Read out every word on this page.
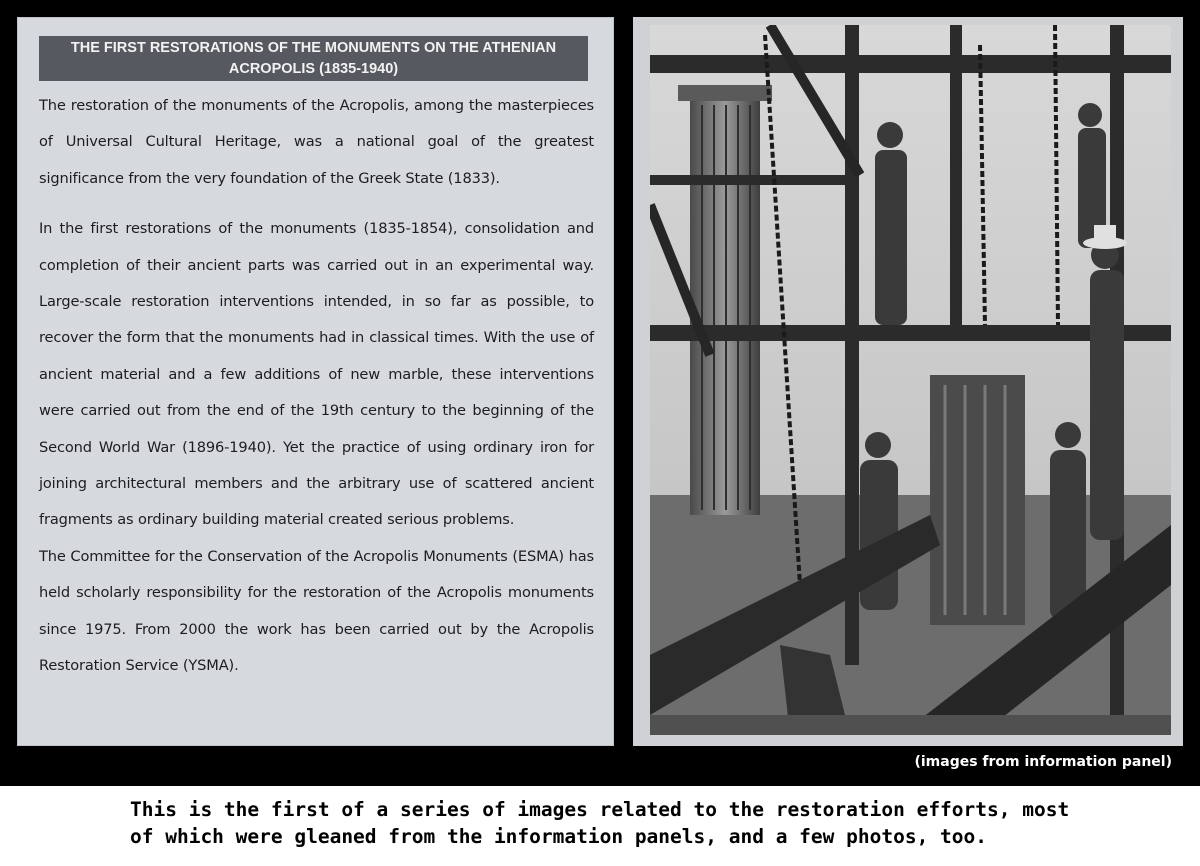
THE FIRST RESTORATIONS OF THE MONUMENTS ON THE ATHENIAN
ACROPOLIS (1835-1940)

The restoration of the monuments of the Acropolis, among the masterpieces of Universal Cultural Heritage, was a national goal of the greatest significance from the very foundation of the Greek State (1833).

In the first restorations of the monuments (1835-1854), consolidation and completion of their ancient parts was carried out in an experimental way. Large-scale restoration interventions intended, in so far as possible, to recover the form that the monuments had in classical times. With the use of ancient material and a few additions of new marble, these interventions were carried out from the end of the 19th century to the beginning of the Second World War (1896-1940). Yet the practice of using ordinary iron for joining architectural members and the arbitrary use of scattered ancient fragments as ordinary building material created serious problems.

The Committee for the Conservation of the Acropolis Monuments (ESMA) has held scholarly responsibility for the restoration of the Acropolis monuments since 1975. From 2000 the work has been carried out by the Acropolis Restoration Service (YSMA).

(images from information panel)
This is the first of a series of images related to the restoration efforts, most
of which were gleaned from the information panels, and a few photos, too.
